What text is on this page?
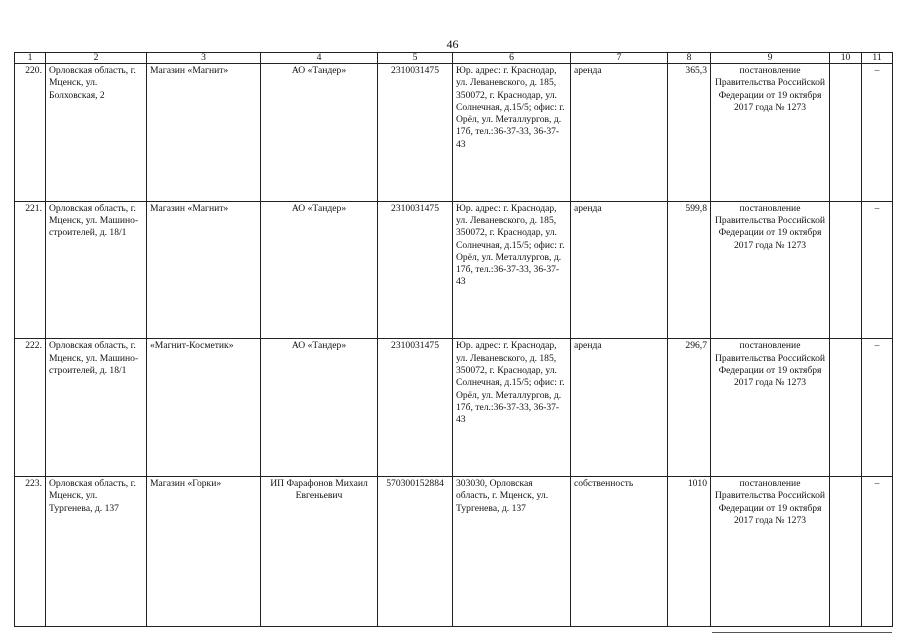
46
1	2	3	4	5	6	7	8	9	10	11
220.	Орловская область, г. Мценск, ул. Болховская, 2	Магазин «Магнит»	АО «Тандер»	2310031475	Юр. адрес: г. Краснодар, ул. Леваневского, д. 185, 350072, г. Краснодар, ул. Солнечная, д.15/5; офис: г. Орёл, ул. Металлургов, д. 17б, тел.:36-37-33, 36-37-43	аренда	365,3	постановление Правительства Российской Федерации от 19 октября 2017 года № 1273		–
221.	Орловская область, г. Мценск, ул. Машино-строителей, д. 18/1	Магазин «Магнит»	АО «Тандер»	2310031475	Юр. адрес: г. Краснодар, ул. Леваневского, д. 185, 350072, г. Краснодар, ул. Солнечная, д.15/5; офис: г. Орёл, ул. Металлургов, д. 17б, тел.:36-37-33, 36-37-43	аренда	599,8	постановление Правительства Российской Федерации от 19 октября 2017 года № 1273		–
222.	Орловская область, г. Мценск, ул. Машино-строителей, д. 18/1	«Магнит-Косметик»	АО «Тандер»	2310031475	Юр. адрес: г. Краснодар, ул. Леваневского, д. 185, 350072, г. Краснодар, ул. Солнечная, д.15/5; офис: г. Орёл, ул. Металлургов, д. 17б, тел.:36-37-33, 36-37-43	аренда	296,7	постановление Правительства Российской Федерации от 19 октября 2017 года № 1273		–
223.	Орловская область, г. Мценск, ул. Тургенева, д. 137	Магазин «Горки»	ИП Фарафонов Михаил Евгеньевич	570300152884	303030, Орловская область, г. Мценск, ул. Тургенева, д. 137	собственность	1010	постановление Правительства Российской Федерации от 19 октября 2017 года № 1273		–
